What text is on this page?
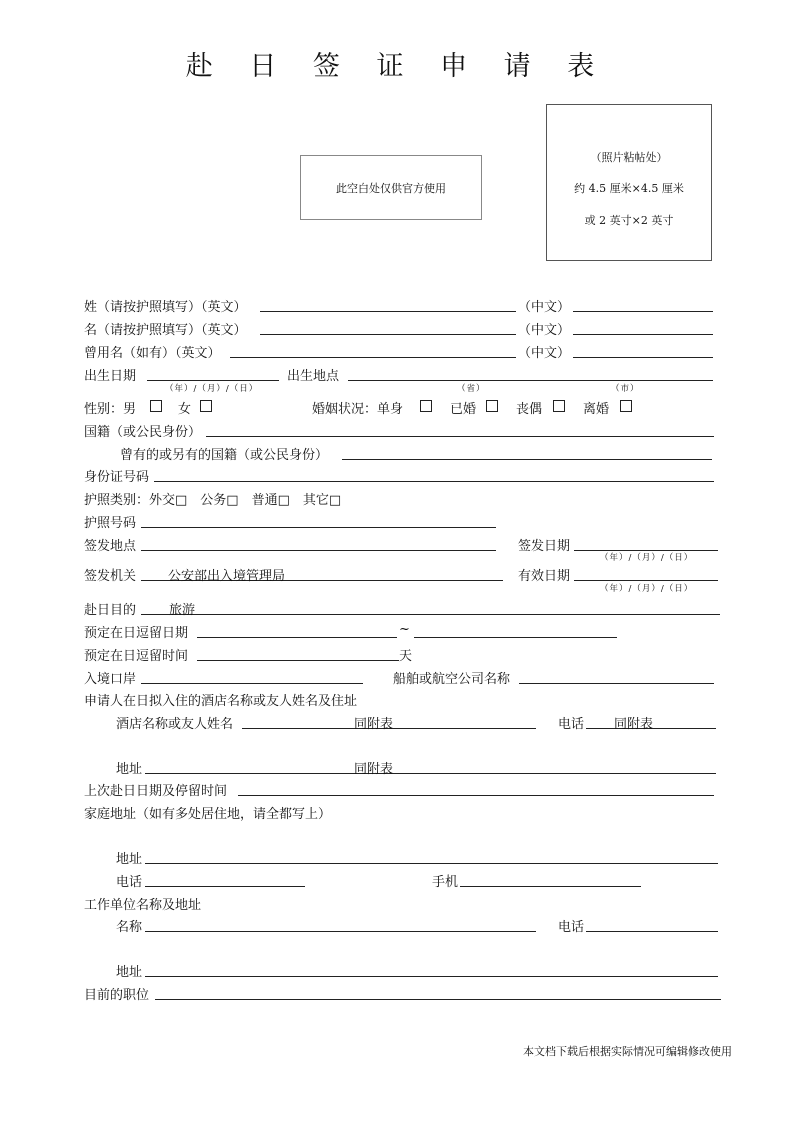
赴 日 签 证 申 请 表
此空白处仅供官方使用
（照片粘帖处）
约 4.5 厘米×4.5 厘米
或 2 英寸×2 英寸
姓（请按护照填写）（英文）	（中文）
名（请按护照填写）（英文）	（中文）
曾用名（如有）（英文）	（中文）
出生日期
（年）/（月）/（日）
出生地点
（省）	（市）
性别：男	女	婚姻状况：单身	已婚	丧偶	离婚
国籍（或公民身份）
曾有的或另有的国籍（或公民身份）
身份证号码
护照类别：外交□　公务□　普通□　其它□
护照号码
签发地点	签发日期
（年）/（月）/（日）
签发机关 公安部出入境管理局	有效日期
（年）/（月）/（日）
赴日目的	旅游
预定在日逗留日期	~
预定在日逗留时间	天
入境口岸	船舶或航空公司名称
申请人在日拟入住的酒店名称或友人姓名及住址
酒店名称或友人姓名	同附表	电话 同附表
地址	同附表
上次赴日日期及停留时间
家庭地址（如有多处居住地，请全都写上）
地址
电话	手机
工作单位名称及地址
名称	电话
地址
目前的职位
本文档下载后根据实际情况可编辑修改使用
